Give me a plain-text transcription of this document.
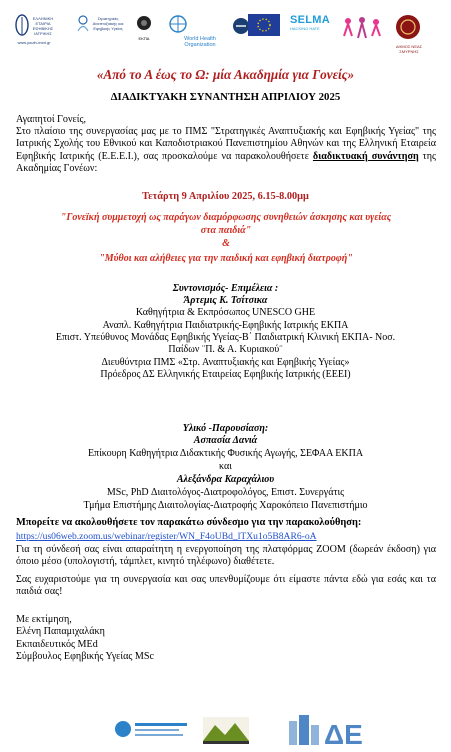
ΕΛΛΗΝΙΚΗ ΕΤΑΙΡΙΑ ΕΦΗΒΙΚΗΣ ΙΑΤΡΙΚΗΣ
www.youth-med.gr
Στρατηγικές Αναπτυξιακής και Εφηβικής Υγείας
ΕΚΠΑ	World Health Organization
SELMA
HACKING HATE
ΔΗΜΟΣ ΝΕΑΣ ΣΜΥΡΝΗΣ
«Από το Α έως το Ω: μία Ακαδημία για Γονείς»
ΔΙΑΔΙΚΤΥΑΚΗ ΣΥΝΑΝΤΗΣΗ ΑΠΡΙΛΙΟΥ 2025
Αγαπητοί Γονείς,
Στο πλαίσιο της συνεργασίας μας με το ΠΜΣ "Στρατηγικές Αναπτυξιακής και Εφηβικής Υγείας" της Ιατρικής Σχολής του Εθνικού και Καποδιστριακού Πανεπιστημίου Αθηνών και της Ελληνική Εταιρεία Εφηβικής Ιατρικής (Ε.Ε.Ε.Ι.), σας προσκαλούμε να παρακολουθήσετε διαδικτυακή συνάντηση της Ακαδημίας Γονέων:
Τετάρτη 9 Απριλίου 2025, 6.15-8.00μμ
"Γονεϊκή συμμετοχή ως παράγων διαμόρφωσης συνηθειών άσκησης και υγείας στα παιδιά"
&
"Μύθοι και αλήθειες για την παιδική και εφηβική διατροφή"
Συντονισμός- Επιμέλεια :
Άρτεμις Κ. Τσίτσικα
Καθηγήτρια & Εκπρόσωπος UNESCO GHE
Αναπλ. Καθηγήτρια Παιδιατρικής-Εφηβικής Ιατρικής ΕΚΠΑ
Επιστ. Υπεύθυνος Μονάδας Εφηβικής Υγείας-Β΄ Παιδιατρική Κλινική ΕΚΠΑ- Νοσ.
Παίδων ¨Π. & Α. Κυριακού¨
Διευθύντρια ΠΜΣ «Στρ. Αναπτυξιακής και Εφηβικής Υγείας»
Πρόεδρος ΔΣ Ελληνικής Εταιρείας Εφηβικής Ιατρικής (ΕΕΕΙ)
Υλικό -Παρουσίαση:
Ασπασία Δανιά
Επίκουρη Καθηγήτρια Διδακτικής Φυσικής Αγωγής, ΣΕΦΑΑ ΕΚΠΑ
και
Αλεξάνδρα Καραχάλιου
MSc, PhD Διαιτολόγος-Διατροφολόγος, Επιστ. Συνεργάτις
Τμήμα Επιστήμης Διαιτολογίας-Διατροφής Χαροκόπειο Πανεπιστήμιο
Μπορείτε να ακολουθήσετε τον παρακάτω σύνδεσμο για την παρακολούθηση:
https://us06web.zoom.us/webinar/register/WN_F4oUBd_lTXu1o5B8AR6-oA
Για τη σύνδεσή σας είναι απαραίτητη η ενεργοποίηση της πλατφόρμας ZOOM (δωρεάν έκδοση) για όποιο μέσο (υπολογιστή, τάμπλετ, κινητό τηλέφωνο) διαθέτετε.
Σας ευχαριστούμε για τη συνεργασία και σας υπενθυμίζουμε ότι είμαστε πάντα εδώ για εσάς και τα παιδιά σας!
Με εκτίμηση,
Ελένη Παπαμιχαλάκη
Εκπαιδευτικός MEd
Σύμβουλος Εφηβικής Υγείας MSc
ΔΕ
